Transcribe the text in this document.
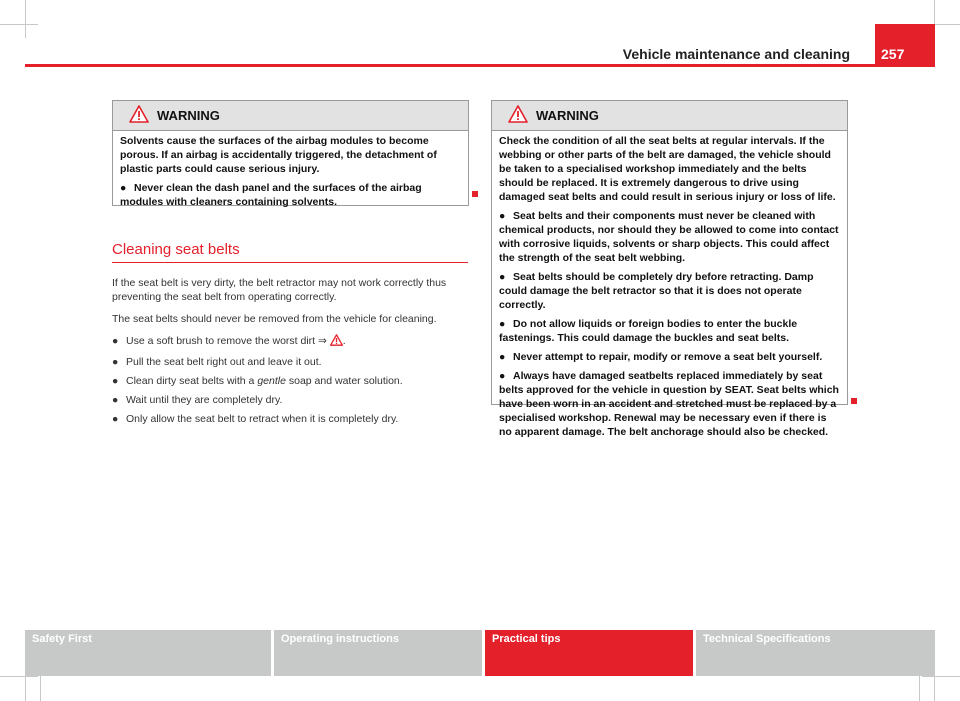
Vehicle maintenance and cleaning 257
WARNING

Solvents cause the surfaces of the airbag modules to become porous. If an airbag is accidentally triggered, the detachment of plastic parts could cause serious injury.

● Never clean the dash panel and the surfaces of the airbag modules with cleaners containing solvents.

Cleaning seat belts

If the seat belt is very dirty, the belt retractor may not work correctly thus preventing the seat belt from operating correctly.

The seat belts should never be removed from the vehicle for cleaning.

● Use a soft brush to remove the worst dirt ⇒ .
● Pull the seat belt right out and leave it out.
● Clean dirty seat belts with a gentle soap and water solution.
● Wait until they are completely dry.
● Only allow the seat belt to retract when it is completely dry.
WARNING

Check the condition of all the seat belts at regular intervals. If the webbing or other parts of the belt are damaged, the vehicle should be taken to a specialised workshop immediately and the belts should be replaced. It is extremely dangerous to drive using damaged seat belts and could result in serious injury or loss of life.

● Seat belts and their components must never be cleaned with chemical products, nor should they be allowed to come into contact with corrosive liquids, solvents or sharp objects. This could affect the strength of the seat belt webbing.

● Seat belts should be completely dry before retracting. Damp could damage the belt retractor so that it is does not operate correctly.

● Do not allow liquids or foreign bodies to enter the buckle fastenings. This could damage the buckles and seat belts.

● Never attempt to repair, modify or remove a seat belt yourself.

● Always have damaged seatbelts replaced immediately by seat belts approved for the vehicle in question by SEAT. Seat belts which have been worn in an accident and stretched must be replaced by a specialised workshop. Renewal may be necessary even if there is no apparent damage. The belt anchorage should also be checked.

Safety First	Operating instructions	Practical tips	Technical Specifications
